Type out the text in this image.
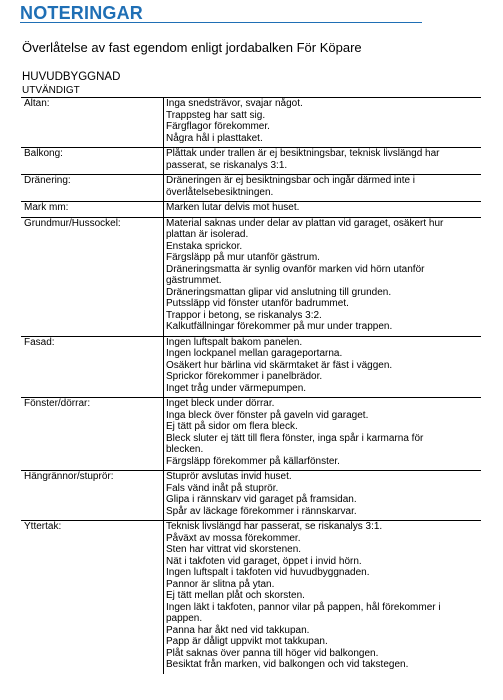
NOTERINGAR
Överlåtelse av fast egendom enligt jordabalken För Köpare
HUVUDBYGGNAD
UTVÄNDIGT
Altan:	Inga snedsträvor, svajar något.
Trappsteg har satt sig.
Färgflagor förekommer.
Några hål i plasttaket.
Balkong:	Plåttak under trallen är ej besiktningsbar, teknisk livslängd har
passerat, se riskanalys 3:1.
Dränering:	Dräneringen är ej besiktningsbar och ingår därmed inte i
överlåtelsebesiktningen.
Mark mm:	Marken lutar delvis mot huset.
Grundmur/Hussockel:	Material saknas under delar av plattan vid garaget, osäkert hur
plattan är isolerad.
Enstaka sprickor.
Färgsläpp på mur utanför gästrum.
Dräneringsmatta är synlig ovanför marken vid hörn utanför
gästrummet.
Dräneringsmattan glipar vid anslutning till grunden.
Putssläpp vid fönster utanför badrummet.
Trappor i betong, se riskanalys 3:2.
Kalkutfällningar förekommer på mur under trappen.
Fasad:	Ingen luftspalt bakom panelen.
Ingen lockpanel mellan garageportarna.
Osäkert hur bärlina vid skärmtaket är fäst i väggen.
Sprickor förekommer i panelbrädor.
Inget tråg under värmepumpen.
Fönster/dörrar:	Inget bleck under dörrar.
Inga bleck över fönster på gaveln vid garaget.
Ej tätt på sidor om flera bleck.
Bleck sluter ej tätt till flera fönster, inga spår i karmarna för
blecken.
Färgsläpp förekommer på källarfönster.
Hängrännor/stuprör:	Stuprör avslutas invid huset.
Fals vänd inåt på stuprör.
Glipa i rännskarv vid garaget på framsidan.
Spår av läckage förekommer i rännskarvar.
Yttertak:	Teknisk livslängd har passerat, se riskanalys 3:1.
Påväxt av mossa förekommer.
Sten har vittrat vid skorstenen.
Nät i takfoten vid garaget, öppet i invid hörn.
Ingen luftspalt i takfoten vid huvudbyggnaden.
Pannor är slitna på ytan.
Ej tätt mellan plåt och skorsten.
Ingen läkt i takfoten, pannor vilar på pappen, hål förekommer i
pappen.
Panna har åkt ned vid takkupan.
Papp är dåligt uppvikt mot takkupan.
Plåt saknas över panna till höger vid balkongen.
Besiktat från marken, vid balkongen och vid takstegen.
